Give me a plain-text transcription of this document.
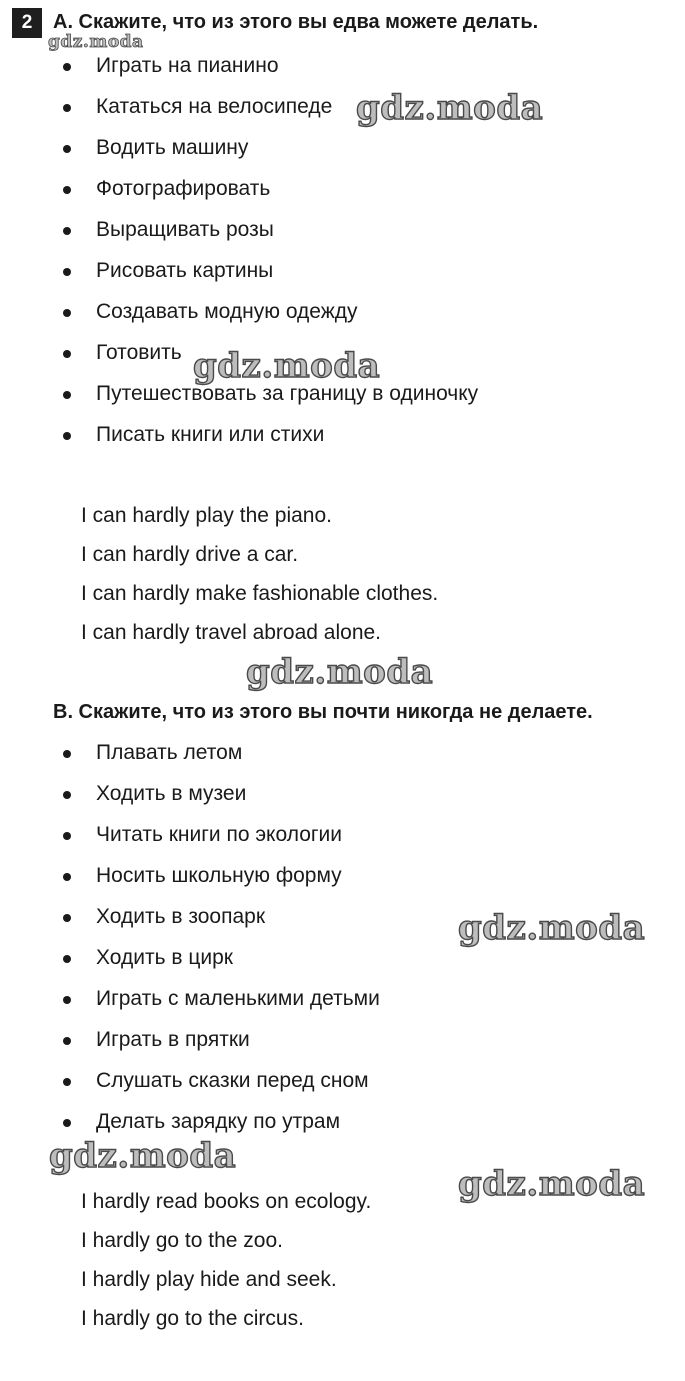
2	A. Скажите, что из этого вы едва можете делать.
Играть на пианино
Кататься на велосипеде
Водить машину
Фотографировать
Выращивать розы
Рисовать картины
Создавать модную одежду
Готовить
Путешествовать за границу в одиночку
Писать книги или стихи
I can hardly play the piano.
I can hardly drive a car.
I can hardly make fashionable clothes.
I can hardly travel abroad alone.
B. Скажите, что из этого вы почти никогда не делаете.
Плавать летом
Ходить в музеи
Читать книги по экологии
Носить школьную форму
Ходить в зоопарк
Ходить в цирк
Играть с маленькими детьми
Играть в прятки
Слушать сказки перед сном
Делать зарядку по утрам
I hardly read books on ecology.
I hardly go to the zoo.
I hardly play hide and seek.
I hardly go to the circus.
gdz.moda
gdz.moda
gdz.moda
gdz.moda
gdz.moda
gdz.moda
gdz.moda
